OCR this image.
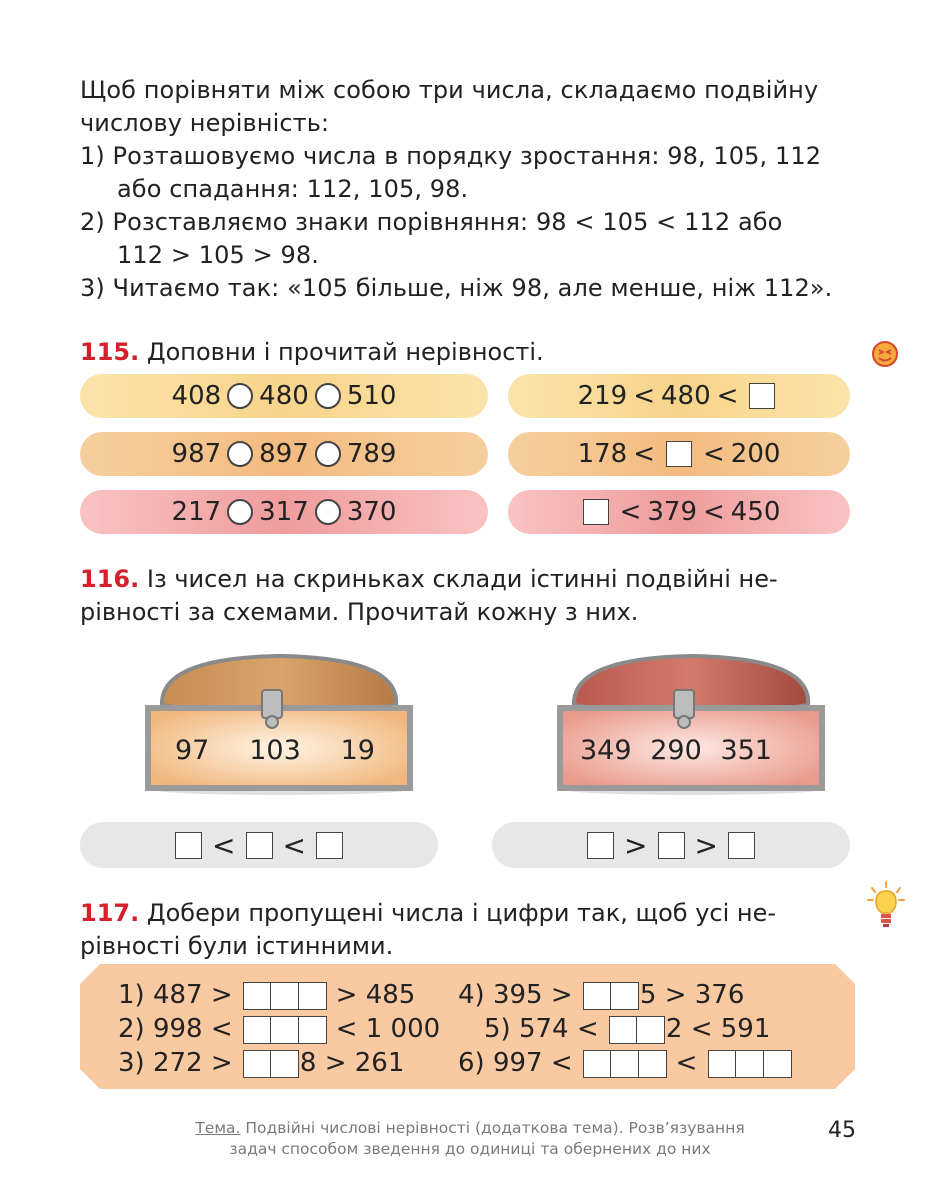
Щоб порівняти між собою три числа, складаємо подвійну числову нерівність:

1) Розташовуємо числа в порядку зростання: 98, 105, 112 або спадання: 112, 105, 98.

2) Розставляємо знаки порівняння: 98 < 105 < 112 або
112 > 105 > 98.

3) Читаємо так: «105 більше, ніж 98, але менше, ніж 112».

115. Доповни і прочитай нерівності.
408 480 510
987 897 789
217 317 370
219 < 480 <
178 < < 200
< 379 < 450
116. Із чисел на скриньках склади істинні подвійні не-
рівності за схемами. Прочитай кожну з них.
97 103 19	349 290 351
< <	> >
117. Добери пропущені числа і цифри так, щоб усі не-
рівності були істинними.
1) 487 >	> 485 4) 395 >	5 > 376
2) 998 <	< 1 000 5) 574 <	2 < 591
3) 272 >	8 > 261 6) 997 <	<
Тема. Подвійні числові нерівності (додаткова тема). Розв’язування
задач способом зведення до одиниці та обернених до них
45
